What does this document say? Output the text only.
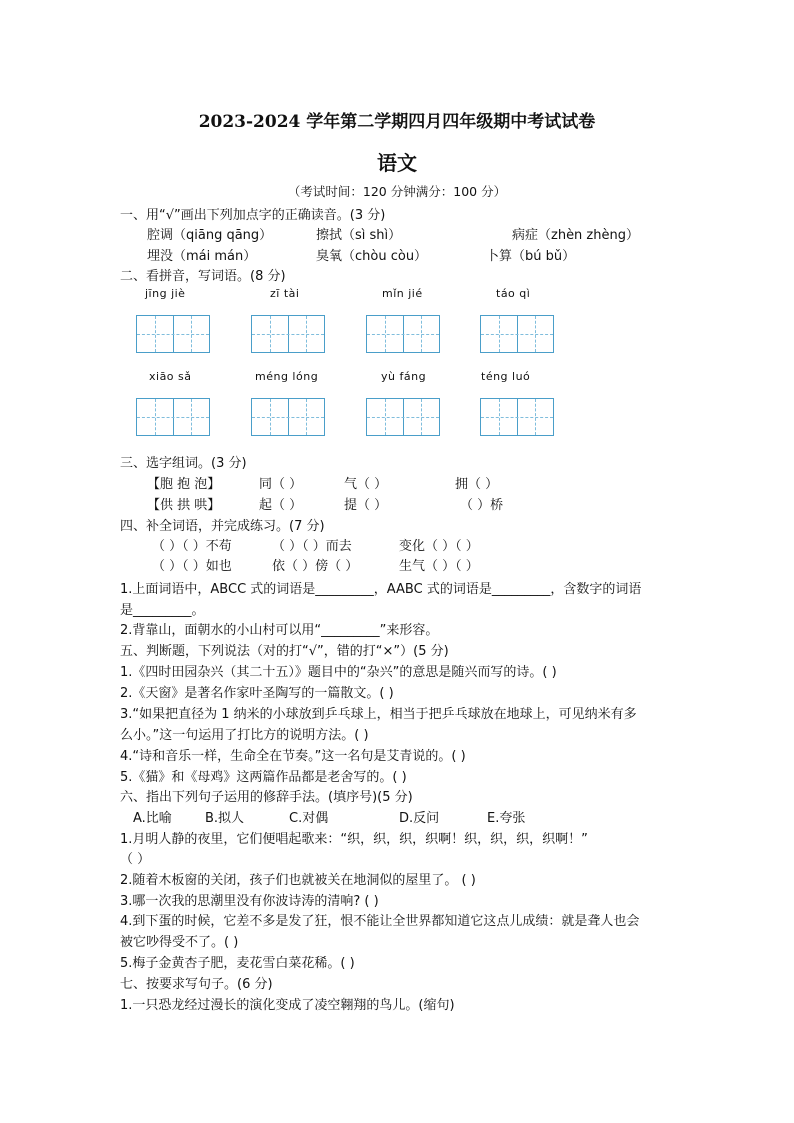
2023-2024 学年第二学期四月四年级期中考试试卷
语文
（考试时间：120 分钟满分：100 分）
一、用“√”画出下列加点字的正确读音。(3 分)
腔调（qiāng qāng）	擦拭（sì shì）	病症（zhèn zhèng）
埋没（mái mán）	臭氧（chòu còu）	卜算（bú bǔ）
二、看拼音，写词语。(8 分)
jīng jiè	zī tài	mǐn jié	táo qì
xiāo sǎ	méng lóng	yù fáng	téng luó
三、选字组词。(3 分)
【胞 抱 泡】	同（ ）	气（ ）	拥（ ）
【供 拱 哄】	起（ ）	提（ ）	（ ）桥
四、补全词语，并完成练习。(7 分)
（ ）（ ）不苟	（ ）（ ）而去	变化（ ）（ ）
（ ）（ ）如也	依（ ）傍（ ）	生气（ ）（ ）
1.上面词语中，ABCC 式的词语是_________，AABC 式的词语是_________，含数字的词语
是_________。
2.背靠山，面朝水的小山村可以用“_________”来形容。
五、判断题，下列说法（对的打“√”，错的打“×”）(5 分)
1.《四时田园杂兴（其二十五）》题目中的“杂兴”的意思是随兴而写的诗。( )
2.《天窗》是著名作家叶圣陶写的一篇散文。( )
3.“如果把直径为 1 纳米的小球放到乒乓球上，相当于把乒乓球放在地球上，可见纳米有多
么小。”这一句运用了打比方的说明方法。( )
4.“诗和音乐一样，生命全在节奏。”这一名句是艾青说的。( )
5.《猫》和《母鸡》这两篇作品都是老舍写的。( )
六、指出下列句子运用的修辞手法。(填序号)(5 分)
A.比喻	B.拟人	C.对偶	D.反问	E.夸张
1.月明人静的夜里，它们便唱起歌来：“织，织，织，织啊！织，织，织，织啊！”
（ ）
2.随着木板窗的关闭，孩子们也就被关在地洞似的屋里了。 ( )
3.哪一次我的思潮里没有你波诗涛的清响? ( )
4.到下蛋的时候，它差不多是发了狂，恨不能让全世界都知道它这点儿成绩：就是聋人也会
被它吵得受不了。( )
5.梅子金黄杏子肥，麦花雪白菜花稀。( )
七、按要求写句子。(6 分)
1.一只恐龙经过漫长的演化变成了凌空翱翔的鸟儿。(缩句)
